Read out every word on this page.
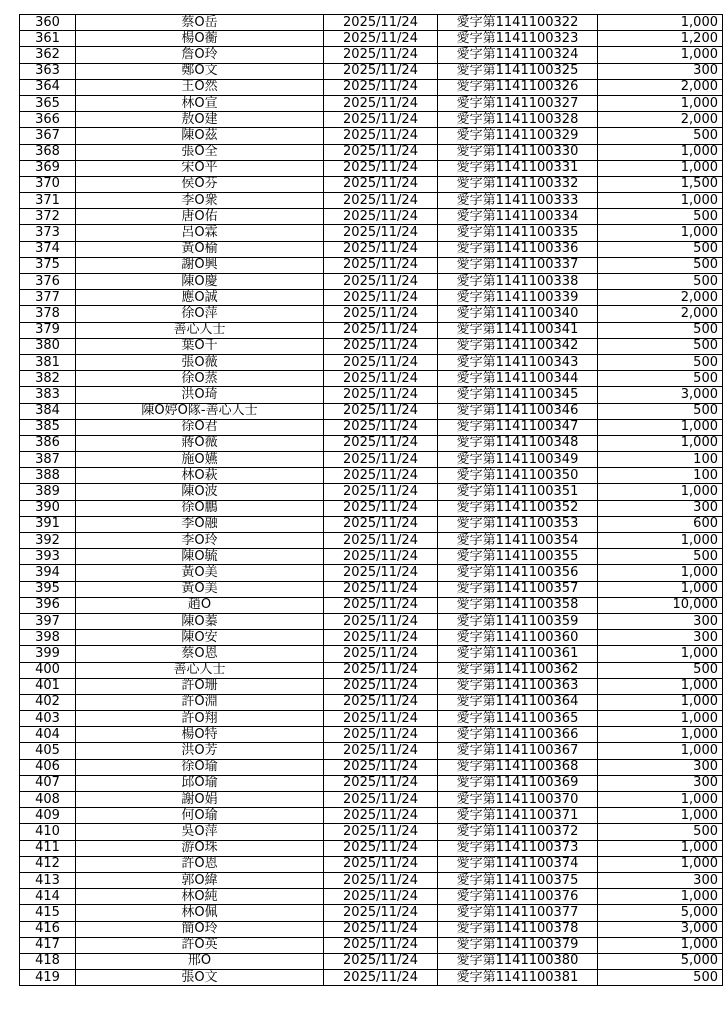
360	蔡O岳	2025/11/24	愛字第1141100322	1,000
361	楊O蘅	2025/11/24	愛字第1141100323	1,200
362	詹O玲	2025/11/24	愛字第1141100324	1,000
363	鄭O文	2025/11/24	愛字第1141100325	300
364	王O然	2025/11/24	愛字第1141100326	2,000
365	林O宣	2025/11/24	愛字第1141100327	1,000
366	敖O建	2025/11/24	愛字第1141100328	2,000
367	陳O茲	2025/11/24	愛字第1141100329	500
368	張O全	2025/11/24	愛字第1141100330	1,000
369	宋O平	2025/11/24	愛字第1141100331	1,000
370	侯O芬	2025/11/24	愛字第1141100332	1,500
371	李O衆	2025/11/24	愛字第1141100333	1,000
372	唐O佑	2025/11/24	愛字第1141100334	500
373	呂O霖	2025/11/24	愛字第1141100335	1,000
374	黃O榆	2025/11/24	愛字第1141100336	500
375	謝O興	2025/11/24	愛字第1141100337	500
376	陳O慶	2025/11/24	愛字第1141100338	500
377	應O誠	2025/11/24	愛字第1141100339	2,000
378	徐O萍	2025/11/24	愛字第1141100340	2,000
379	善心人士	2025/11/24	愛字第1141100341	500
380	葉O千	2025/11/24	愛字第1141100342	500
381	張O薇	2025/11/24	愛字第1141100343	500
382	徐O蒸	2025/11/24	愛字第1141100344	500
383	洪O琦	2025/11/24	愛字第1141100345	3,000
384	陳O婷O隊-善心人士	2025/11/24	愛字第1141100346	500
385	徐O君	2025/11/24	愛字第1141100347	1,000
386	蔣O薇	2025/11/24	愛字第1141100348	1,000
387	施O嬿	2025/11/24	愛字第1141100349	100
388	林O萩	2025/11/24	愛字第1141100350	100
389	陳O波	2025/11/24	愛字第1141100351	1,000
390	徐O鵬	2025/11/24	愛字第1141100352	300
391	李O融	2025/11/24	愛字第1141100353	600
392	李O玲	2025/11/24	愛字第1141100354	1,000
393	陳O毓	2025/11/24	愛字第1141100355	500
394	黃O美	2025/11/24	愛字第1141100356	1,000
395	黃O美	2025/11/24	愛字第1141100357	1,000
396	趙O	2025/11/24	愛字第1141100358	10,000
397	陳O蓁	2025/11/24	愛字第1141100359	300
398	陳O安	2025/11/24	愛字第1141100360	300
399	蔡O恩	2025/11/24	愛字第1141100361	1,000
400	善心人士	2025/11/24	愛字第1141100362	500
401	許O珊	2025/11/24	愛字第1141100363	1,000
402	許O淵	2025/11/24	愛字第1141100364	1,000
403	許O翔	2025/11/24	愛字第1141100365	1,000
404	楊O特	2025/11/24	愛字第1141100366	1,000
405	洪O芳	2025/11/24	愛字第1141100367	1,000
406	徐O瑜	2025/11/24	愛字第1141100368	300
407	邱O瑜	2025/11/24	愛字第1141100369	300
408	謝O娟	2025/11/24	愛字第1141100370	1,000
409	何O瑜	2025/11/24	愛字第1141100371	1,000
410	吳O萍	2025/11/24	愛字第1141100372	500
411	游O珠	2025/11/24	愛字第1141100373	1,000
412	許O恩	2025/11/24	愛字第1141100374	1,000
413	郭O緯	2025/11/24	愛字第1141100375	300
414	林O純	2025/11/24	愛字第1141100376	1,000
415	林O佩	2025/11/24	愛字第1141100377	5,000
416	簡O玲	2025/11/24	愛字第1141100378	3,000
417	許O英	2025/11/24	愛字第1141100379	1,000
418	邢O	2025/11/24	愛字第1141100380	5,000
419	張O文	2025/11/24	愛字第1141100381	500
